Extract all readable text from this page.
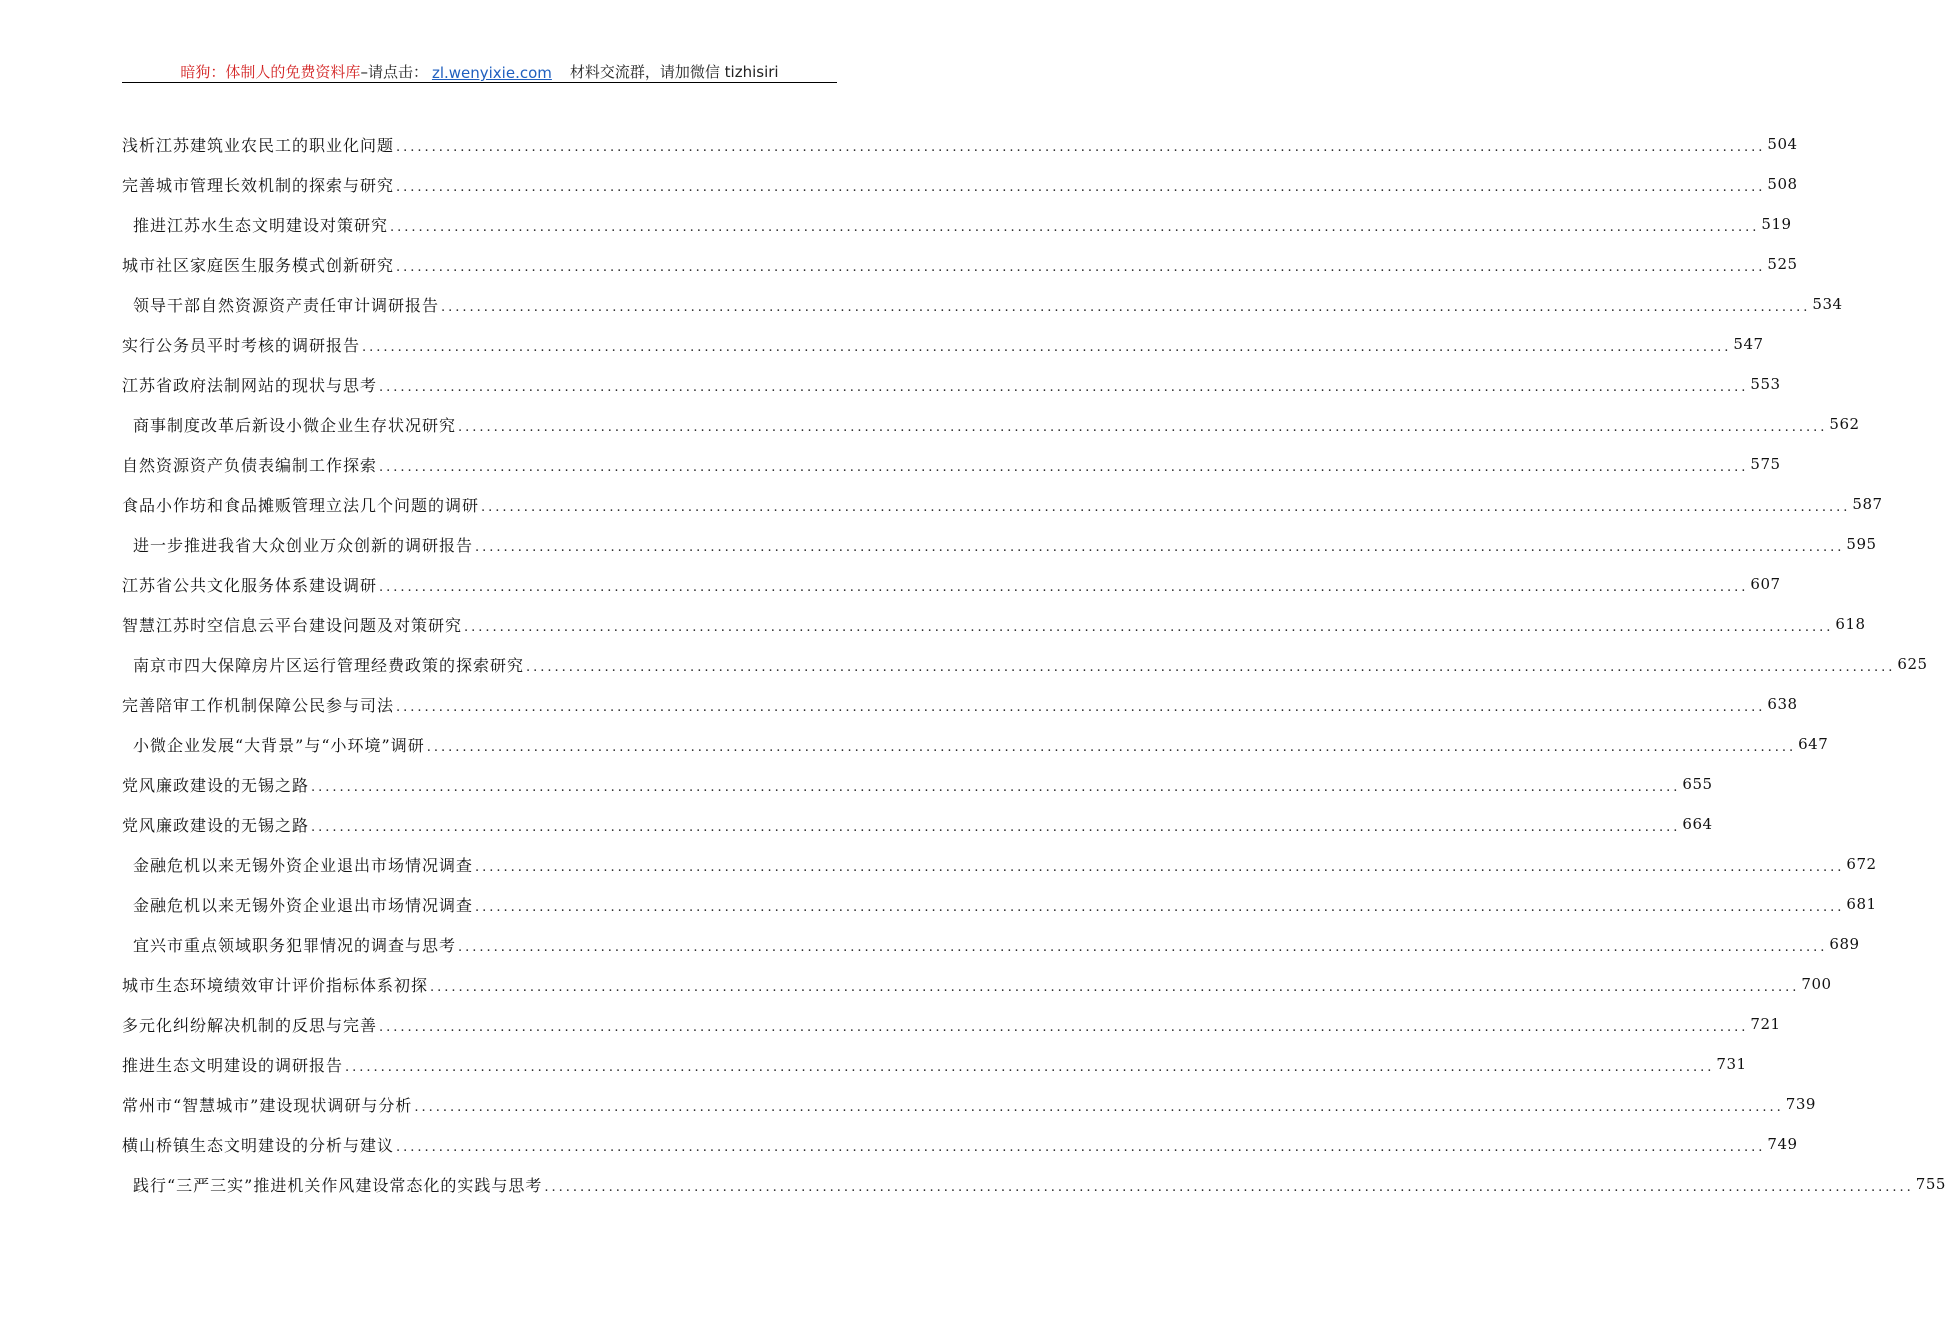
暗狗：体制人的免费资料库 –请点击： zl.wenyixie.com 材料交流群，请加微信 tizhisiri
浅析江苏建筑业农民工的职业化问题 ................................................................................................................................................................................................ 504
完善城市管理长效机制的探索与研究 ................................................................................................................................................................................................ 508
推进江苏水生态文明建设对策研究 ................................................................................................................................................................................................ 519
城市社区家庭医生服务模式创新研究 ................................................................................................................................................................................................ 525
领导干部自然资源资产责任审计调研报告 ................................................................................................................................................................................................ 534
实行公务员平时考核的调研报告 ................................................................................................................................................................................................ 547
江苏省政府法制网站的现状与思考 ................................................................................................................................................................................................ 553
商事制度改革后新设小微企业生存状况研究 ................................................................................................................................................................................................ 562
自然资源资产负债表编制工作探索 ................................................................................................................................................................................................ 575
食品小作坊和食品摊贩管理立法几个问题的调研 ................................................................................................................................................................................................ 587
进一步推进我省大众创业万众创新的调研报告 ................................................................................................................................................................................................ 595
江苏省公共文化服务体系建设调研 ................................................................................................................................................................................................ 607
智慧江苏时空信息云平台建设问题及对策研究 ................................................................................................................................................................................................ 618
南京市四大保障房片区运行管理经费政策的探索研究 ................................................................................................................................................................................................ 625
完善陪审工作机制保障公民参与司法 ................................................................................................................................................................................................ 638
小微企业发展“大背景”与“小环境”调研 ................................................................................................................................................................................................ 647
党风廉政建设的无锡之路 ................................................................................................................................................................................................ 655
党风廉政建设的无锡之路 ................................................................................................................................................................................................ 664
金融危机以来无锡外资企业退出市场情况调查 ................................................................................................................................................................................................ 672
金融危机以来无锡外资企业退出市场情况调查 ................................................................................................................................................................................................ 681
宜兴市重点领域职务犯罪情况的调查与思考 ................................................................................................................................................................................................ 689
城市生态环境绩效审计评价指标体系初探 ................................................................................................................................................................................................ 700
多元化纠纷解决机制的反思与完善 ................................................................................................................................................................................................ 721
推进生态文明建设的调研报告 ................................................................................................................................................................................................ 731
常州市“智慧城市”建设现状调研与分析 ................................................................................................................................................................................................ 739
横山桥镇生态文明建设的分析与建议 ................................................................................................................................................................................................ 749
践行“三严三实”推进机关作风建设常态化的实践与思考 ................................................................................................................................................................................................ 755
